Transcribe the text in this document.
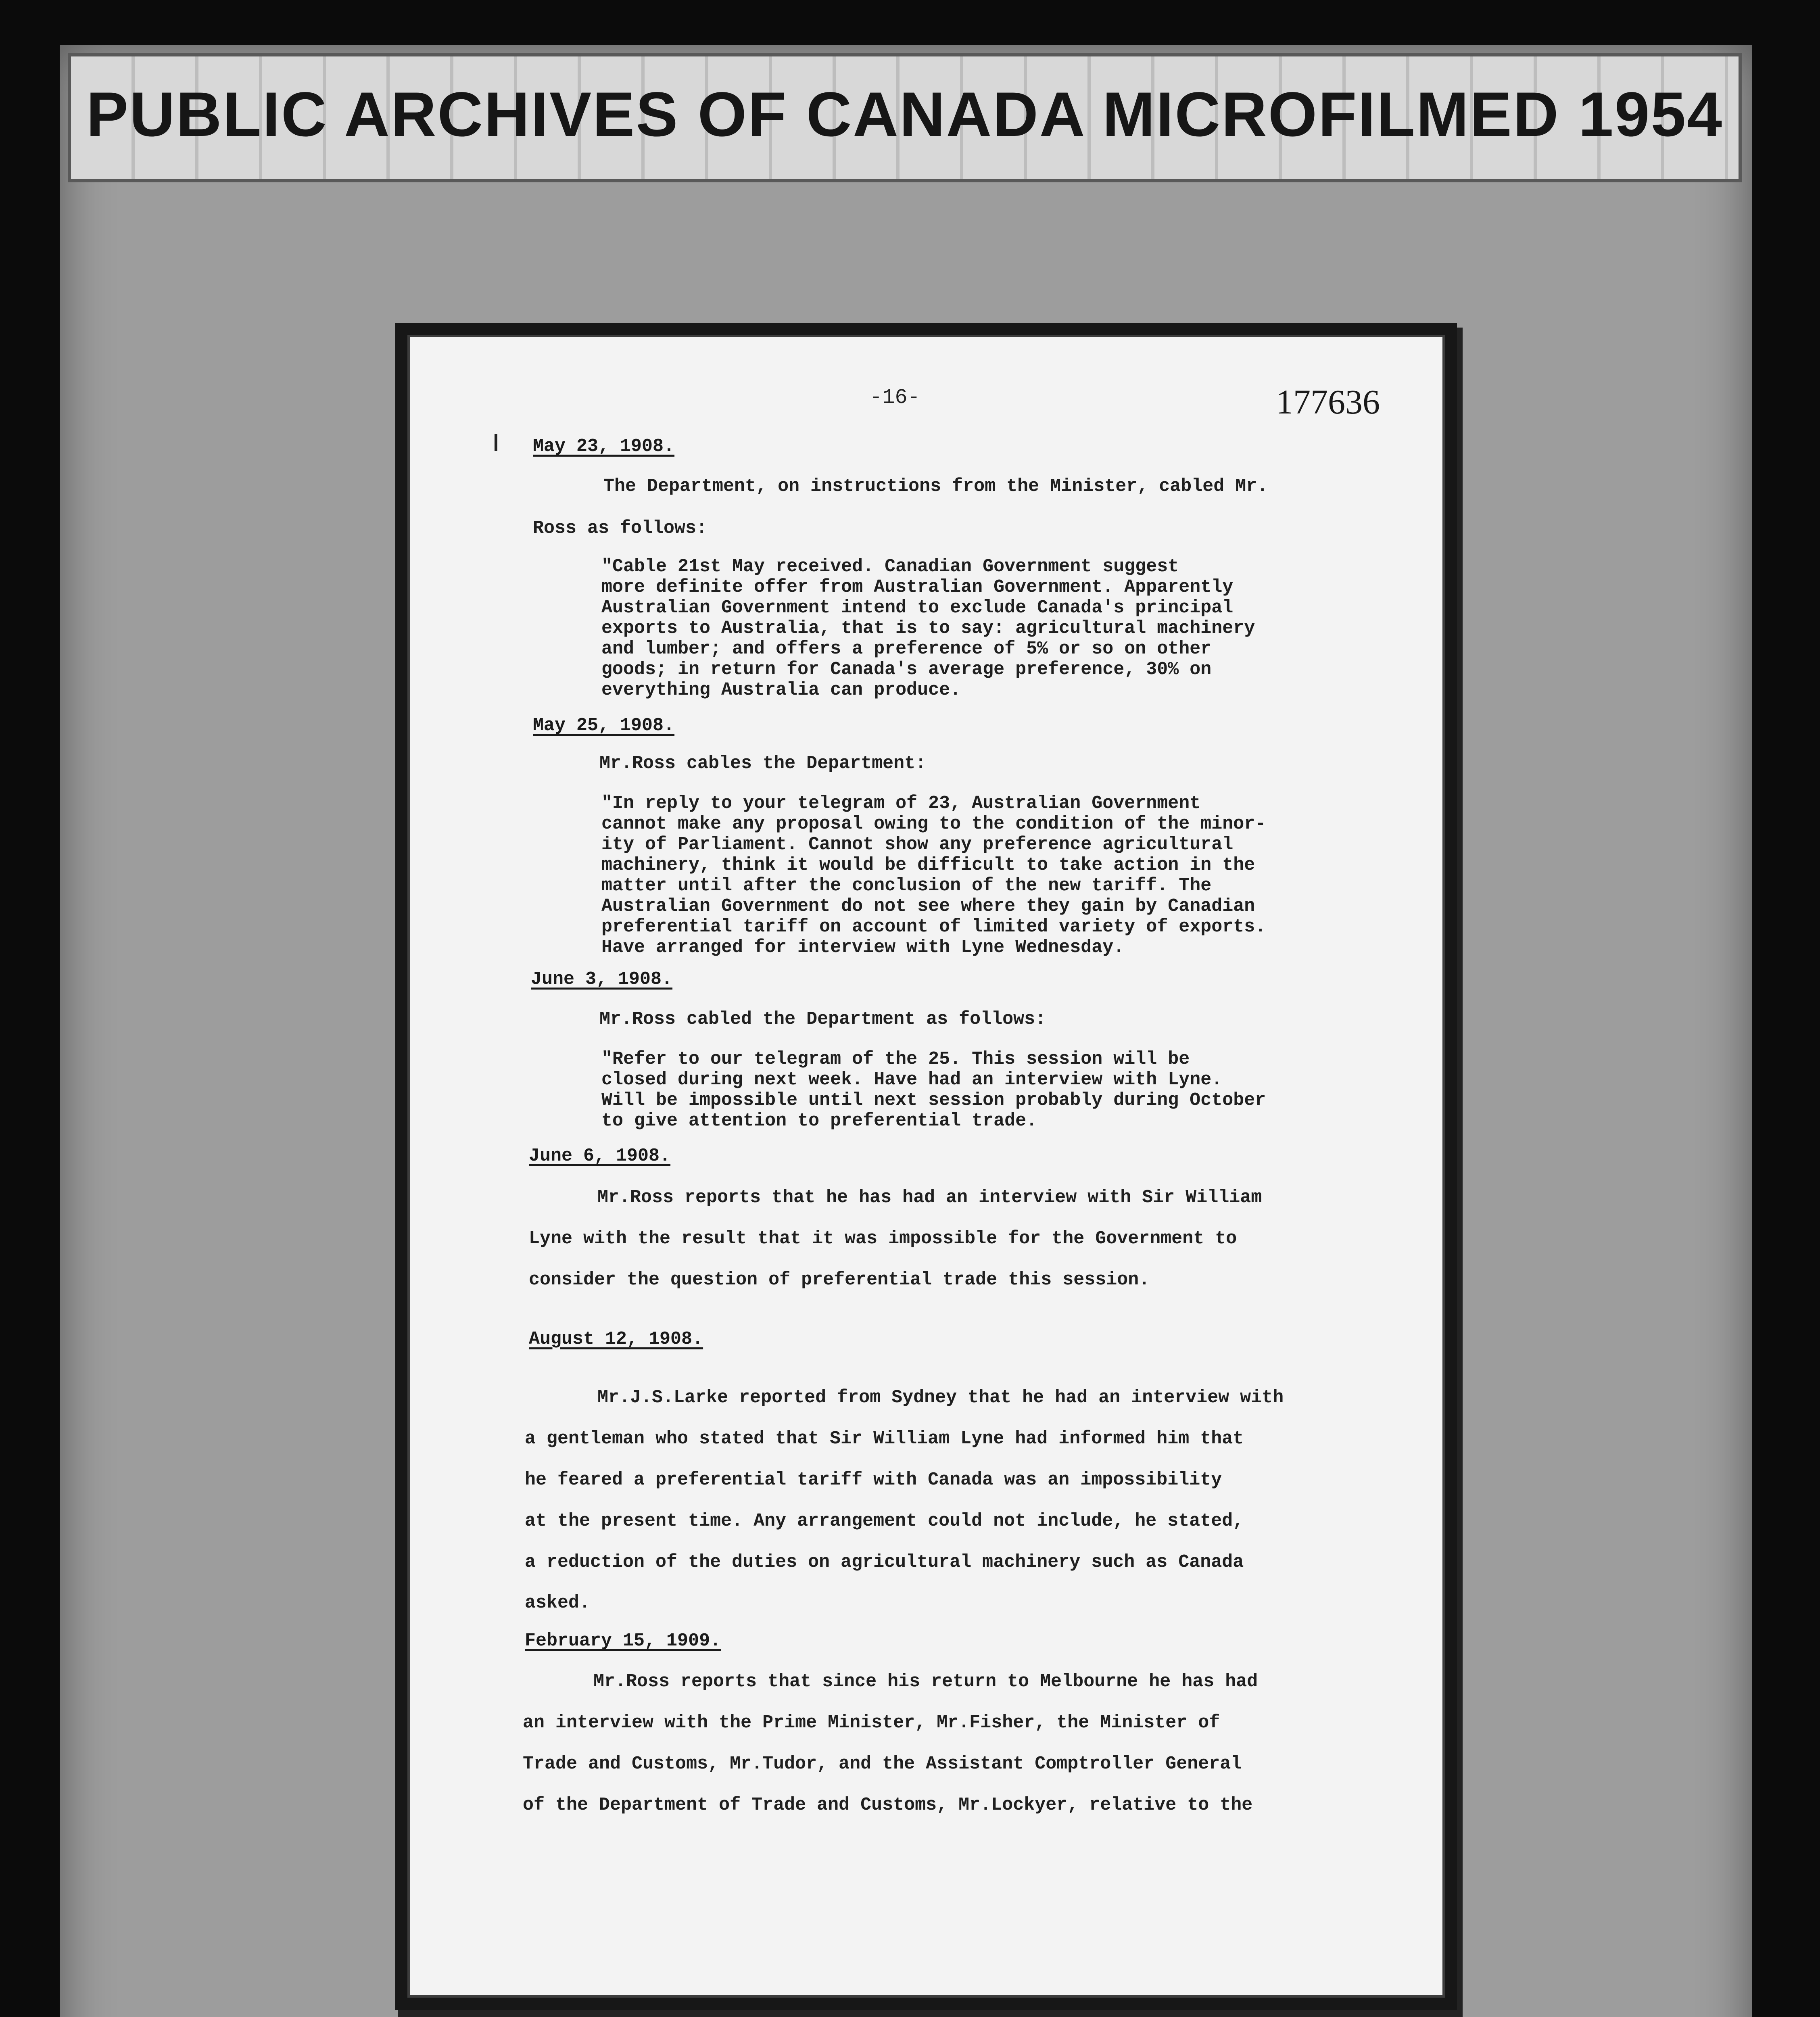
PUBLIC ARCHIVES OF CANADA MICROFILMED 1954
-16-	177636

May 23, 1908.

The Department, on instructions from the Minister, cabled Mr.

Ross as follows:

"Cable 21st May received. Canadian Government suggest

more definite offer from Australian Government. Apparently

Australian Government intend to exclude Canada's principal

exports to Australia, that is to say: agricultural machinery

and lumber; and offers a preference of 5% or so on other

goods; in return for Canada's average preference, 30% on

everything Australia can produce.

May 25, 1908.

Mr.Ross cables the Department:

"In reply to your telegram of 23, Australian Government

cannot make any proposal owing to the condition of the minor-

ity of Parliament. Cannot show any preference agricultural

machinery, think it would be difficult to take action in the

matter until after the conclusion of the new tariff. The

Australian Government do not see where they gain by Canadian

preferential tariff on account of limited variety of exports.

Have arranged for interview with Lyne Wednesday.

June 3, 1908.

Mr.Ross cabled the Department as follows:

"Refer to our telegram of the 25. This session will be

closed during next week. Have had an interview with Lyne.

Will be impossible until next session probably during October

to give attention to preferential trade.

June 6, 1908.

Mr.Ross reports that he has had an interview with Sir William

Lyne with the result that it was impossible for the Government to

consider the question of preferential trade this session.

August 12, 1908.

Mr.J.S.Larke reported from Sydney that he had an interview with

a gentleman who stated that Sir William Lyne had informed him that

he feared a preferential tariff with Canada was an impossibility

at the present time. Any arrangement could not include, he stated,

a reduction of the duties on agricultural machinery such as Canada

asked.

February 15, 1909.

Mr.Ross reports that since his return to Melbourne he has had

an interview with the Prime Minister, Mr.Fisher, the Minister of

Trade and Customs, Mr.Tudor, and the Assistant Comptroller General

of the Department of Trade and Customs, Mr.Lockyer, relative to the
